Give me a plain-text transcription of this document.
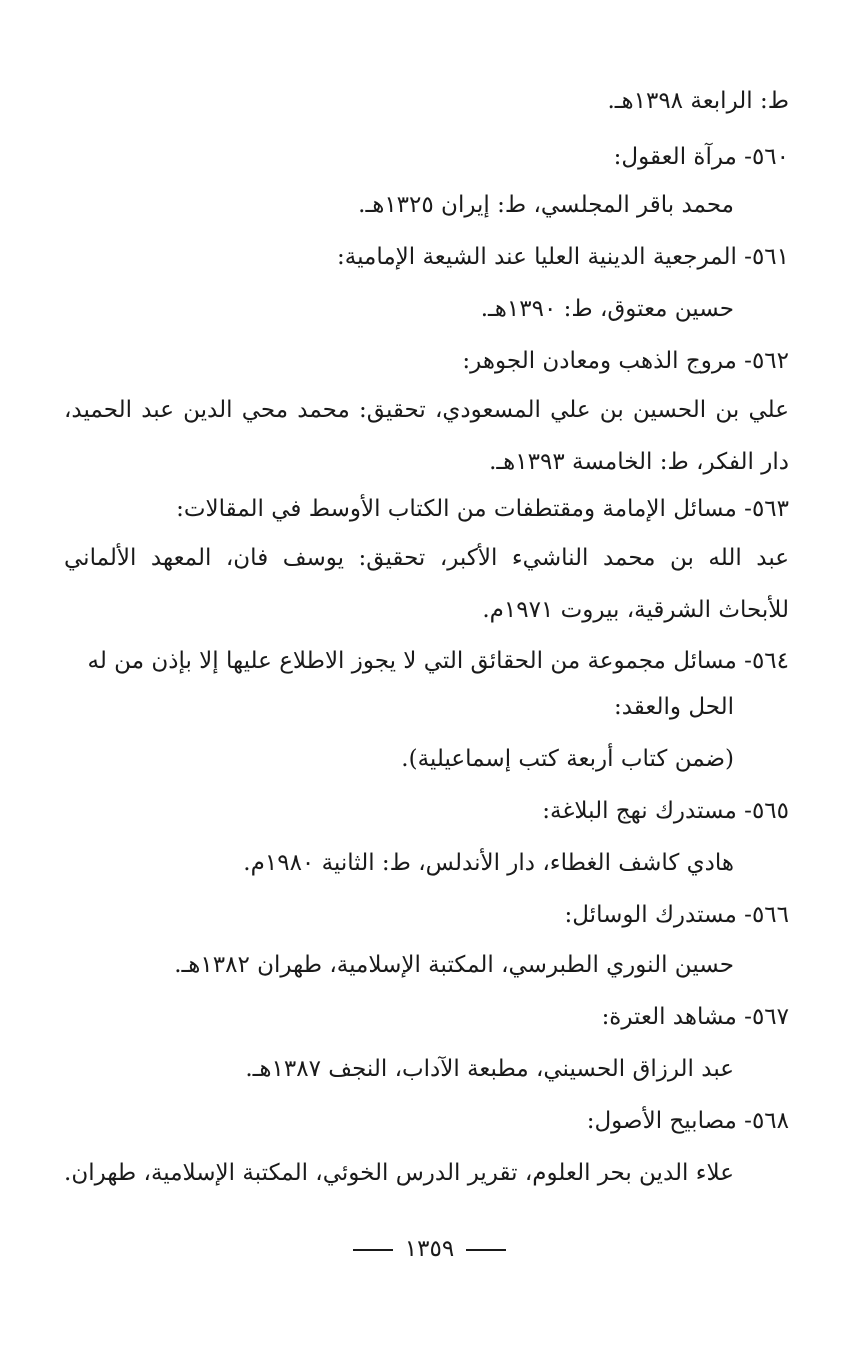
ط: الرابعة ١٣٩٨هـ.
٥٦٠- مرآة العقول:
محمد باقر المجلسي، ط: إيران ١٣٢٥هـ.
٥٦١- المرجعية الدينية العليا عند الشيعة الإمامية:
حسين معتوق، ط: ١٣٩٠هـ.
٥٦٢- مروج الذهب ومعادن الجوهر:
علي بن الحسين بن علي المسعودي، تحقيق: محمد محي الدين عبد الحميد، دار الفكر، ط: الخامسة ١٣٩٣هـ.
٥٦٣- مسائل الإمامة ومقتطفات من الكتاب الأوسط في المقالات:
عبد الله بن محمد الناشيء الأكبر، تحقيق: يوسف فان، المعهد الألماني للأبحاث الشرقية، بيروت ١٩٧١م.
٥٦٤- مسائل مجموعة من الحقائق التي لا يجوز الاطلاع عليها إلا بإذن من له
الحل والعقد:
(ضمن كتاب أربعة كتب إسماعيلية).
٥٦٥- مستدرك نهج البلاغة:
هادي كاشف الغطاء، دار الأندلس، ط: الثانية ١٩٨٠م.
٥٦٦- مستدرك الوسائل:
حسين النوري الطبرسي، المكتبة الإسلامية، طهران ١٣٨٢هـ.
٥٦٧- مشاهد العترة:
عبد الرزاق الحسيني، مطبعة الآداب، النجف ١٣٨٧هـ.
٥٦٨- مصابيح الأصول:
علاء الدين بحر العلوم، تقرير الدرس الخوئي، المكتبة الإسلامية، طهران.
١٣٥٩
